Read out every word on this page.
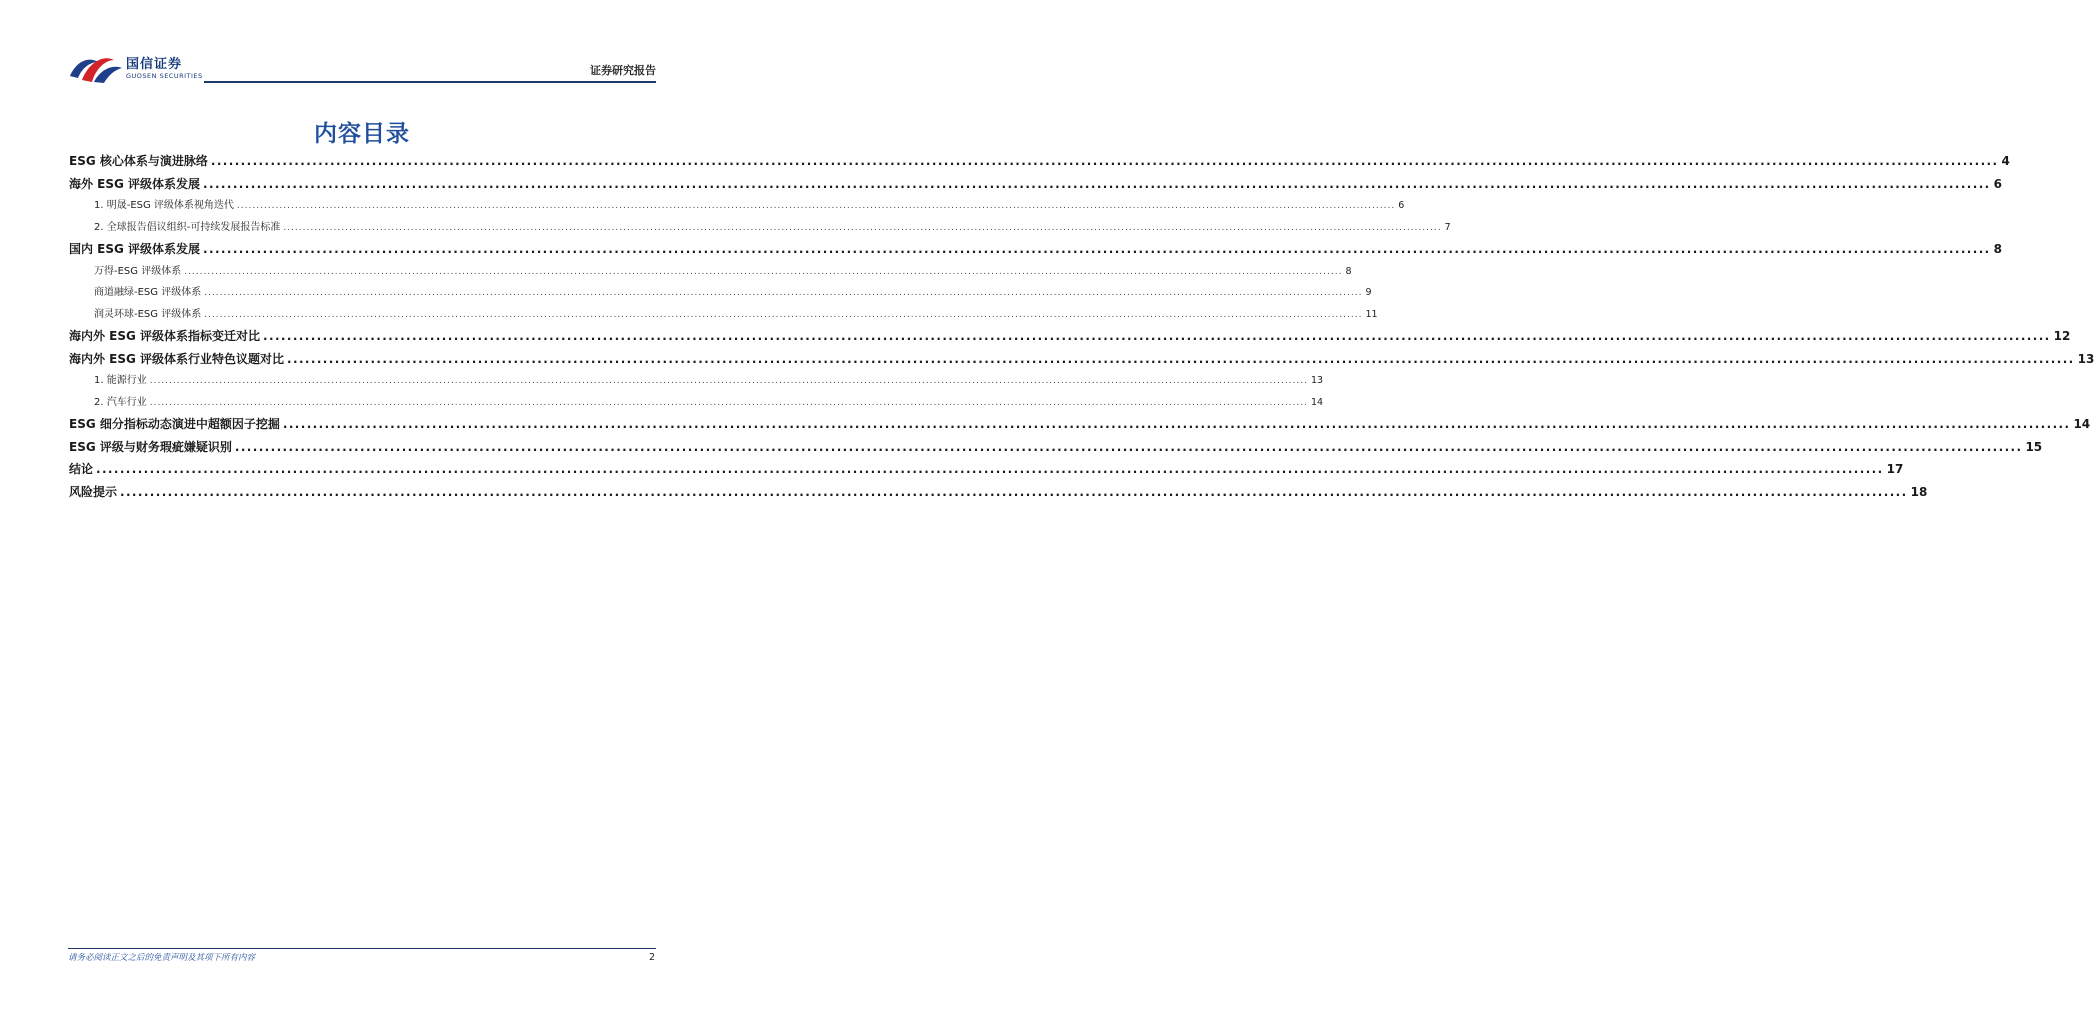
国信证券
GUOSEN SECURITIES	证券研究报告
内容目录
ESG 核心体系与演进脉络 ............................................................................................................................................................................................................................................................................................................ 4
海外 ESG 评级体系发展 ............................................................................................................................................................................................................................................................................................................ 6
1. 明晟-ESG 评级体系视角迭代 ............................................................................................................................................................................................................................................................................................................ 6
2. 全球报告倡议组织-可持续发展报告标准 ............................................................................................................................................................................................................................................................................................................ 7
国内 ESG 评级体系发展 ............................................................................................................................................................................................................................................................................................................ 8
万得-ESG 评级体系 ............................................................................................................................................................................................................................................................................................................ 8
商道融绿-ESG 评级体系 ............................................................................................................................................................................................................................................................................................................ 9
润灵环球-ESG 评级体系 ............................................................................................................................................................................................................................................................................................................ 11
海内外 ESG 评级体系指标变迁对比 ............................................................................................................................................................................................................................................................................................................ 12
海内外 ESG 评级体系行业特色议题对比 ............................................................................................................................................................................................................................................................................................................ 13
1. 能源行业 ............................................................................................................................................................................................................................................................................................................ 13
2. 汽车行业 ............................................................................................................................................................................................................................................................................................................ 14
ESG 细分指标动态演进中超额因子挖掘 ............................................................................................................................................................................................................................................................................................................ 14
ESG 评级与财务瑕疵嫌疑识别 ............................................................................................................................................................................................................................................................................................................ 15
结论 ............................................................................................................................................................................................................................................................................................................ 17
风险提示 ............................................................................................................................................................................................................................................................................................................ 18
请务必阅读正文之后的免责声明及其项下所有内容	2
